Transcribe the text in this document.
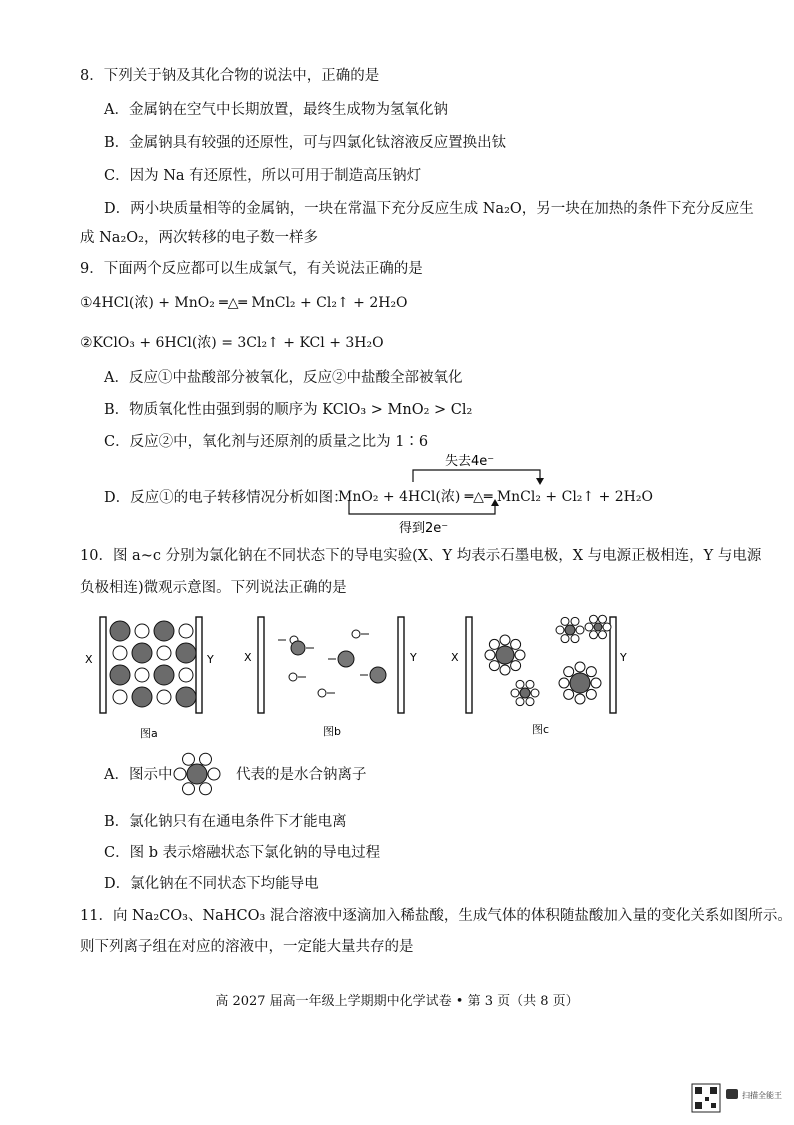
8．下列关于钠及其化合物的说法中，正确的是
A．金属钠在空气中长期放置，最终生成物为氢氧化钠
B．金属钠具有较强的还原性，可与四氯化钛溶液反应置换出钛
C．因为 Na 有还原性，所以可用于制造高压钠灯
D．两小块质量相等的金属钠，一块在常温下充分反应生成 Na₂O，另一块在加热的条件下充分反应生
成 Na₂O₂，两次转移的电子数一样多
9．下面两个反应都可以生成氯气，有关说法正确的是
①4HCl(浓) + MnO₂ ═△═ MnCl₂ + Cl₂↑ + 2H₂O
②KClO₃ + 6HCl(浓) = 3Cl₂↑ + KCl + 3H₂O
A．反应①中盐酸部分被氧化，反应②中盐酸全部被氧化
B．物质氧化性由强到弱的顺序为 KClO₃ > MnO₂ > Cl₂
C．反应②中，氧化剂与还原剂的质量之比为 1∶6
D．反应①的电子转移情况分析如图：
失去4e⁻
得到2e⁻
MnO₂ + 4HCl(浓) ═△═ MnCl₂ + Cl₂↑ + 2H₂O
10．图 a~c 分别为氯化钠在不同状态下的导电实验(X、Y 均表示石墨电极，X 与电源正极相连，Y 与电源
负极相连)微观示意图。下列说法正确的是
X	Y
图a
X	Y
图b
X	Y
图c
A．图示中	代表的是水合钠离子
B．氯化钠只有在通电条件下才能电离
C．图 b 表示熔融状态下氯化钠的导电过程
D．氯化钠在不同状态下均能导电
11．向 Na₂CO₃、NaHCO₃ 混合溶液中逐滴加入稀盐酸，生成气体的体积随盐酸加入量的变化关系如图所示。
则下列离子组在对应的溶液中，一定能大量共存的是
高 2027 届高一年级上学期期中化学试卷 • 第 3 页（共 8 页）
扫描全能王
